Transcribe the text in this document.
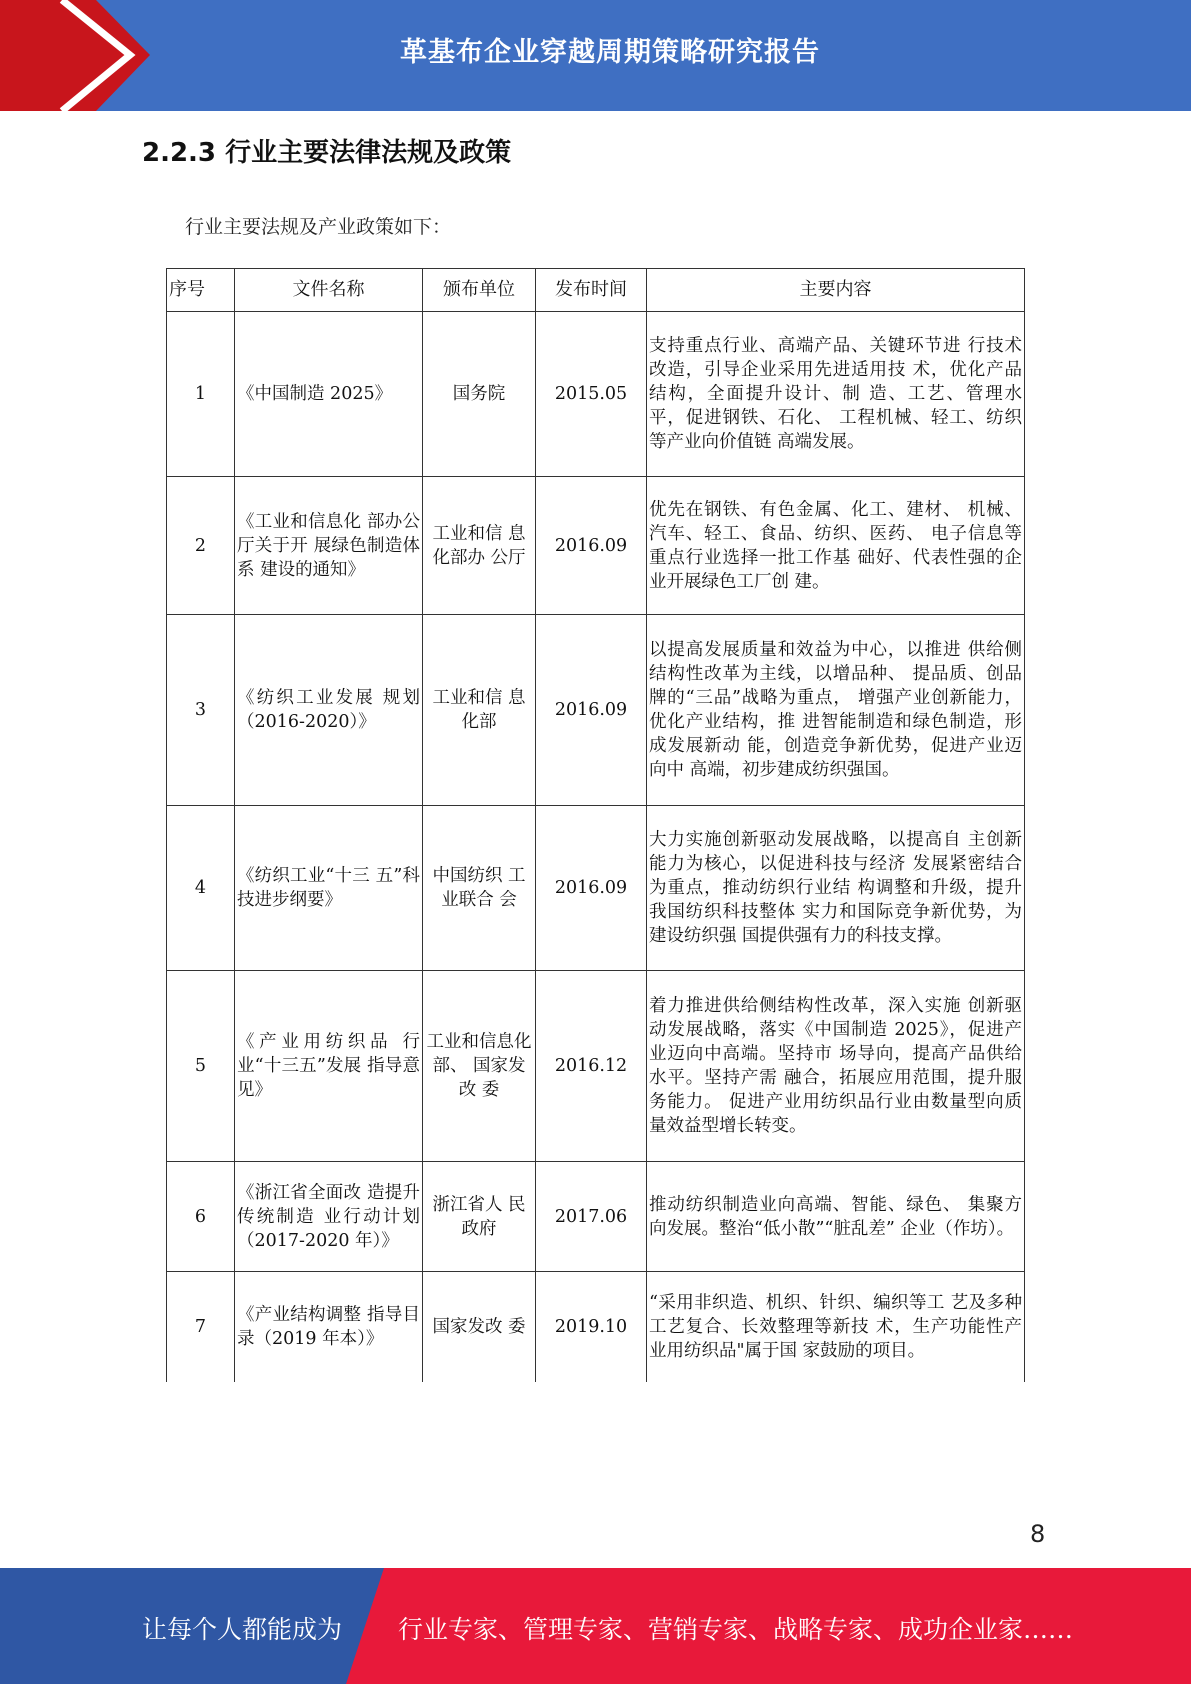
革基布企业穿越周期策略研究报告
2.2.3 行业主要法律法规及政策
行业主要法规及产业政策如下：
序号	文件名称	颁布单位	发布时间	主要内容
1	《中国制造 2025》	国务院	2015.05	支持重点行业、高端产品、关键环节进 行技术改造，引导企业采用先进适用技 术，优化产品结构，全面提升设计、制 造、工艺、管理水平，促进钢铁、石化、 工程机械、轻工、纺织等产业向价值链 高端发展。
2	《工业和信息化 部办公厅关于开 展绿色制造体系 建设的通知》	工业和信 息化部办 公厅	2016.09	优先在钢铁、有色金属、化工、建材、 机械、汽车、轻工、食品、纺织、医药、 电子信息等重点行业选择一批工作基 础好、代表性强的企业开展绿色工厂创 建。
3	《纺织工业发展 规划（2016-2020）》	工业和信 息化部	2016.09	以提高发展质量和效益为中心，以推进 供给侧结构性改革为主线，以增品种、 提品质、创品牌的“三品”战略为重点， 增强产业创新能力，优化产业结构，推 进智能制造和绿色制造，形成发展新动 能，创造竞争新优势，促进产业迈向中 高端，初步建成纺织强国。
4	《纺织工业“十三 五”科技进步纲要》	中国纺织 工业联合 会	2016.09	大力实施创新驱动发展战略，以提高自 主创新能力为核心，以促进科技与经济 发展紧密结合为重点，推动纺织行业结 构调整和升级，提升我国纺织科技整体 实力和国际竞争新优势，为建设纺织强 国提供强有力的科技支撑。
5	《产业用纺织品 行业“十三五”发展 指导意见》	工业和信息化部、 国家发改 委	2016.12	着力推进供给侧结构性改革，深入实施 创新驱动发展战略，落实《中国制造 2025》，促进产业迈向中高端。坚持市 场导向，提高产品供给水平。坚持产需 融合，拓展应用范围，提升服务能力。 促进产业用纺织品行业由数量型向质 量效益型增长转变。
6	《浙江省全面改 造提升传统制造 业行动计划 （2017-2020 年）》	浙江省人 民政府	2017.06	推动纺织制造业向高端、智能、绿色、 集聚方向发展。整治“低小散”“脏乱差” 企业（作坊）。
7	《产业结构调整 指导目录（2019 年本）》	国家发改 委	2019.10	“采用非织造、机织、针织、编织等工 艺及多种工艺复合、长效整理等新技 术，生产功能性产业用纺织品"属于国 家鼓励的项目。
8
让每个人都能成为 行业专家、管理专家、营销专家、战略专家、成功企业家……
